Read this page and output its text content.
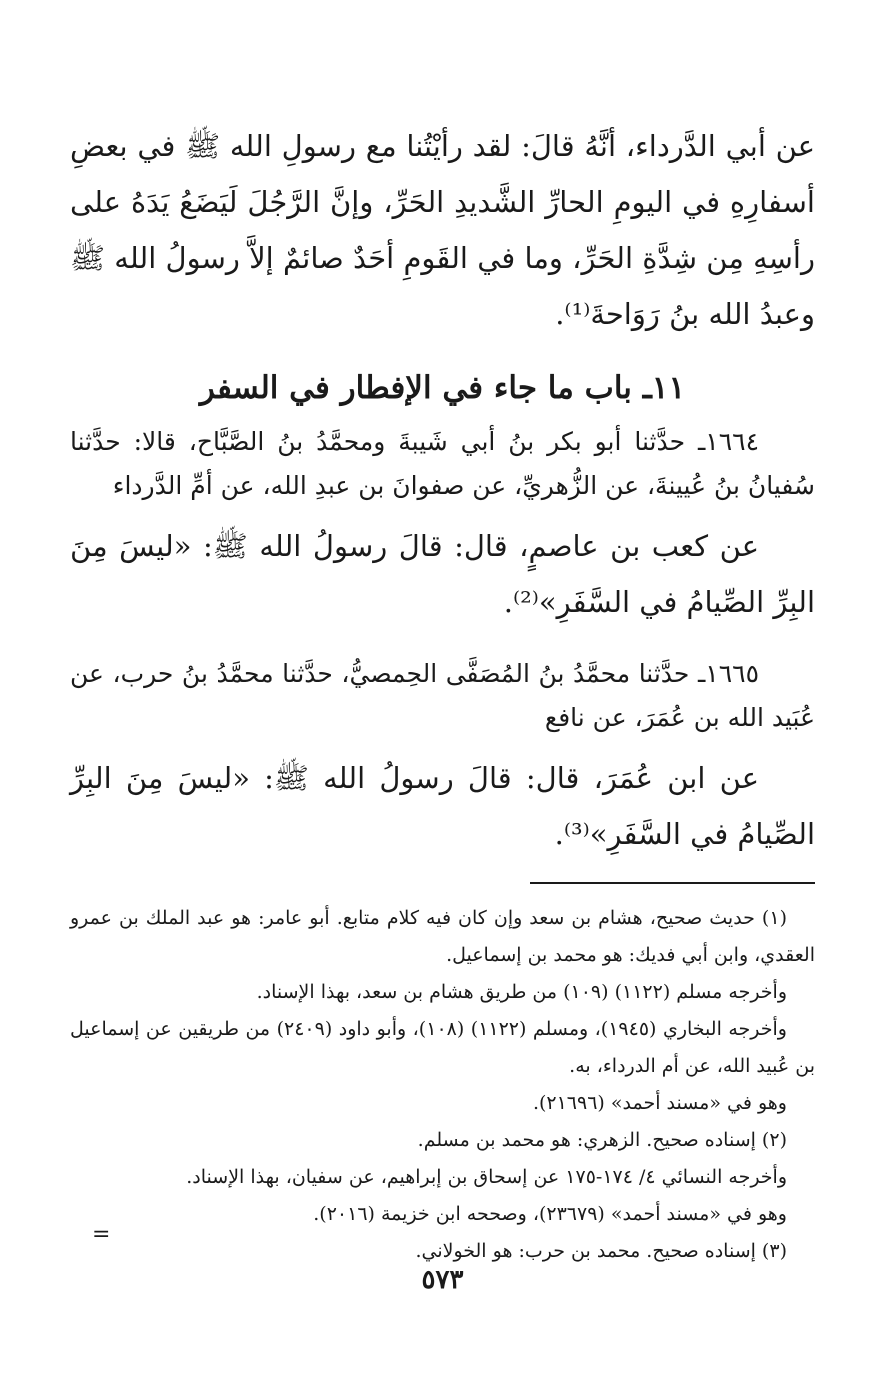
عن أبي الدَّرداء، أنَّهُ قالَ: لقد رأيْتُنا مع رسولِ الله ﷺ في بعضِ أسفارِهِ في اليومِ الحارِّ الشَّديدِ الحَرِّ، وإنَّ الرَّجُلَ لَيَضَعُ يَدَهُ على رأسِهِ مِن شِدَّةِ الحَرِّ، وما في القَومِ أحَدٌ صائمٌ إلاَّ رسولُ الله ﷺ وعبدُ الله بنُ رَوَاحةَ⁽¹⁾.

١١ـ باب ما جاء في الإفطار في السفر

١٦٦٤ـ حدَّثنا أبو بكر بنُ أبي شَيبةَ ومحمَّدُ بنُ الصَّبَّاح، قالا: حدَّثنا سُفيانُ بنُ عُيينةَ، عن الزُّهريِّ، عن صفوانَ بن عبدِ الله، عن أمِّ الدَّرداء

عن كعب بن عاصمٍ، قال: قالَ رسولُ الله ﷺ: «ليسَ مِنَ البِرِّ الصِّيامُ في السَّفَرِ»⁽²⁾.

١٦٦٥ـ حدَّثنا محمَّدُ بنُ المُصَفَّى الحِمصيُّ، حدَّثنا محمَّدُ بنُ حرب، عن عُبَيد الله بن عُمَرَ، عن نافع

عن ابن عُمَرَ، قال: قالَ رسولُ الله ﷺ: «ليسَ مِنَ البِرِّ الصِّيامُ في السَّفَرِ»⁽³⁾.

(١) حديث صحيح، هشام بن سعد وإن كان فيه كلام متابع. أبو عامر: هو عبد الملك بن عمرو العقدي، وابن أبي فديك: هو محمد بن إسماعيل.

وأخرجه مسلم (١١٢٢) (١٠٩) من طريق هشام بن سعد، بهذا الإسناد.

وأخرجه البخاري (١٩٤٥)، ومسلم (١١٢٢) (١٠٨)، وأبو داود (٢٤٠٩) من طريقين عن إسماعيل بن عُبيد الله، عن أم الدرداء، به.

وهو في «مسند أحمد» (٢١٦٩٦).

(٢) إسناده صحيح. الزهري: هو محمد بن مسلم.

وأخرجه النسائي ٤/ ١٧٤-١٧٥ عن إسحاق بن إبراهيم، عن سفيان، بهذا الإسناد.

وهو في «مسند أحمد» (٢٣٦٧٩)، وصححه ابن خزيمة (٢٠١٦).

(٣) إسناده صحيح. محمد بن حرب: هو الخولاني.

=
٥٧٣
